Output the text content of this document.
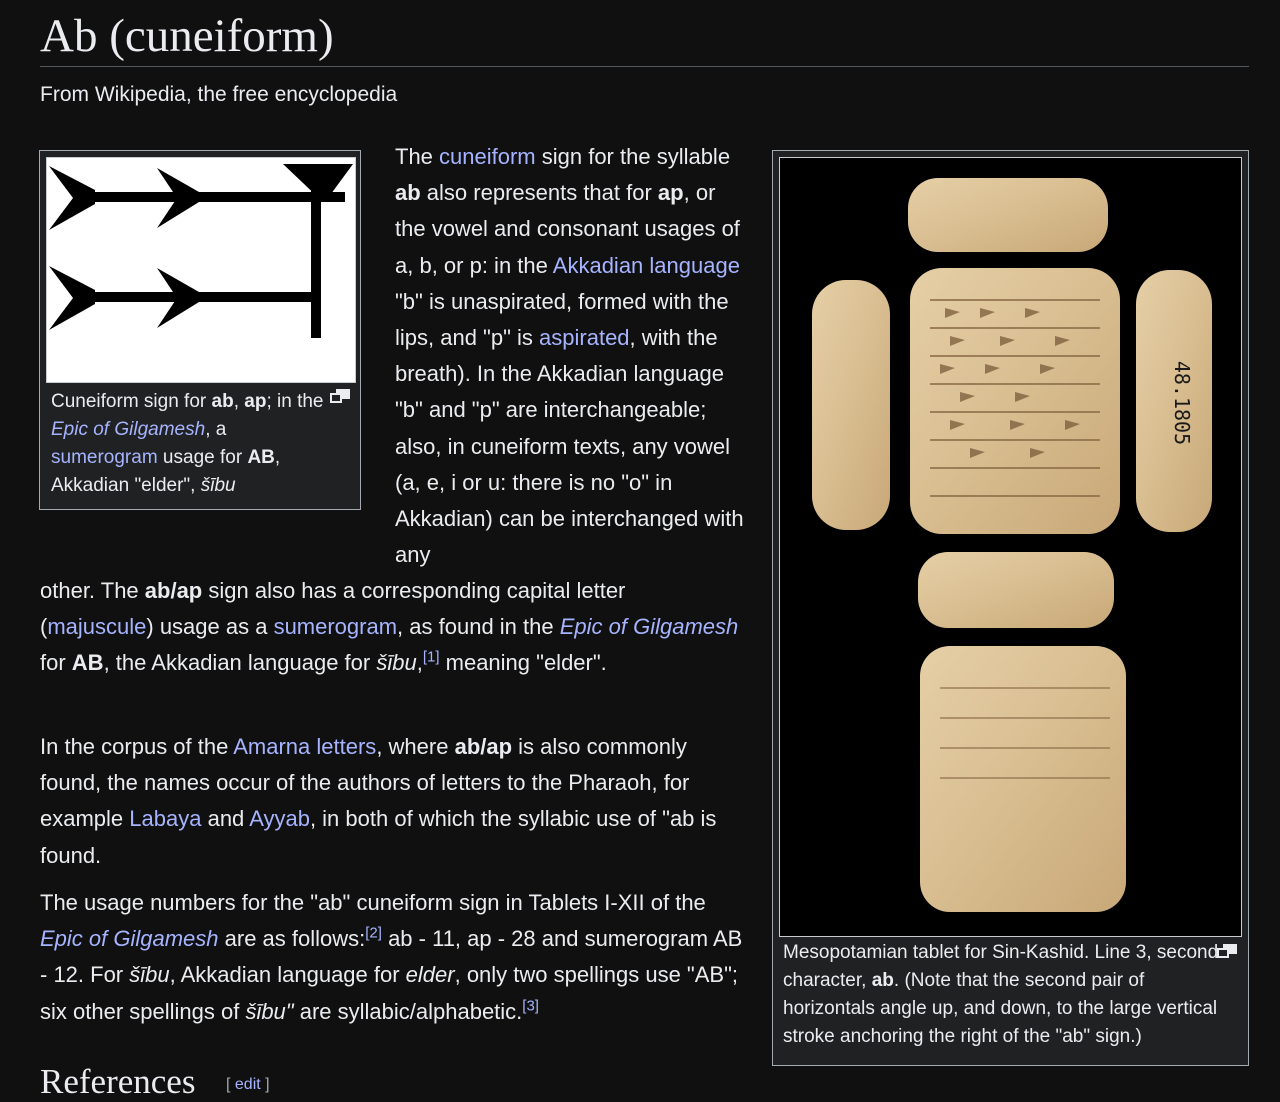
Ab (cuneiform)
From Wikipedia, the free encyclopedia
Cuneiform sign for ab, ap; in the Epic of Gilgamesh, a sumerogram usage for AB, Akkadian "elder", šību
48.1805
Mesopotamian tablet for Sin-Kashid. Line 3, second character, ab. (Note that the second pair of horizontals angle up, and down, to the large vertical stroke anchoring the right of the "ab" sign.)
The cuneiform sign for the syllable ab also represents that for ap, or the vowel and consonant usages of a, b, or p: in the Akkadian language "b" is unaspirated, formed with the lips, and "p" is aspirated, with the breath). In the Akkadian language "b" and "p" are interchangeable; also, in cuneiform texts, any vowel (a, e, i or u: there is no "o" in Akkadian) can be interchanged with any
other. The ab/ap sign also has a corresponding capital letter (majuscule) usage as a sumerogram, as found in the Epic of Gilgamesh for AB, the Akkadian language for šību,[1] meaning "elder".
In the corpus of the Amarna letters, where ab/ap is also commonly found, the names occur of the authors of letters to the Pharaoh, for example Labaya and Ayyab, in both of which the syllabic use of "ab is found.
The usage numbers for the "ab" cuneiform sign in Tablets I-XII of the Epic of Gilgamesh are as follows:[2] ab - 11, ap - 28 and sumerogram AB - 12. For šību, Akkadian language for elder, only two spellings use "AB"; six other spellings of šību" are syllabic/alphabetic.[3]
References [ edit ]
